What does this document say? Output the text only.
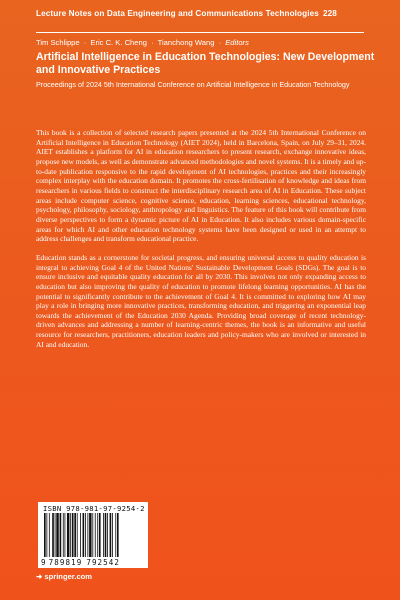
Lecture Notes on Data Engineering and Communications Technologies 228
Tim Schlippe · Eric C. K. Cheng · Tianchong Wang · Editors
Artificial Intelligence in Education Technologies: New Development and Innovative Practices
Proceedings of 2024 5th International Conference on Artificial Intelligence in Education Technology

This book is a collection of selected research papers presented at the 2024 5th International Conference on Artificial Intelligence in Education Technology (AIET 2024), held in Barcelona, Spain, on July 29–31, 2024. AIET establishes a platform for AI in education researchers to present research, exchange innovative ideas, propose new models, as well as demonstrate advanced methodologies and novel systems. It is a timely and up-to-date publication responsive to the rapid development of AI technologies, practices and their increasingly complex interplay with the education domain. It promotes the cross-fertilisation of knowledge and ideas from researchers in various fields to construct the interdisciplinary research area of AI in Education. These subject areas include computer science, cognitive science, education, learning sciences, educational technology, psychology, philosophy, sociology, anthropology and linguistics. The feature of this book will contribute from diverse perspectives to form a dynamic picture of AI in Education. It also includes various domain-specific areas for which AI and other education technology systems have been designed or used in an attempt to address challenges and transform educational practice.

Education stands as a cornerstone for societal progress, and ensuring universal access to quality education is integral to achieving Goal 4 of the United Nations' Sustainable Development Goals (SDGs). The goal is to ensure inclusive and equitable quality education for all by 2030. This involves not only expanding access to education but also improving the quality of education to promote lifelong learning opportunities. AI has the potential to significantly contribute to the achievement of Goal 4. It is committed to exploring how AI may play a role in bringing more innovative practices, transforming education, and triggering an exponential leap towards the achievement of the Education 2030 Agenda. Providing broad coverage of recent technology-driven advances and addressing a number of learning-centric themes, the book is an informative and useful resource for researchers, practitioners, education leaders and policy-makers who are involved or interested in AI and education.

ISBN 978-981-97-9254-2
9 789819 792542
➜ springer.com
